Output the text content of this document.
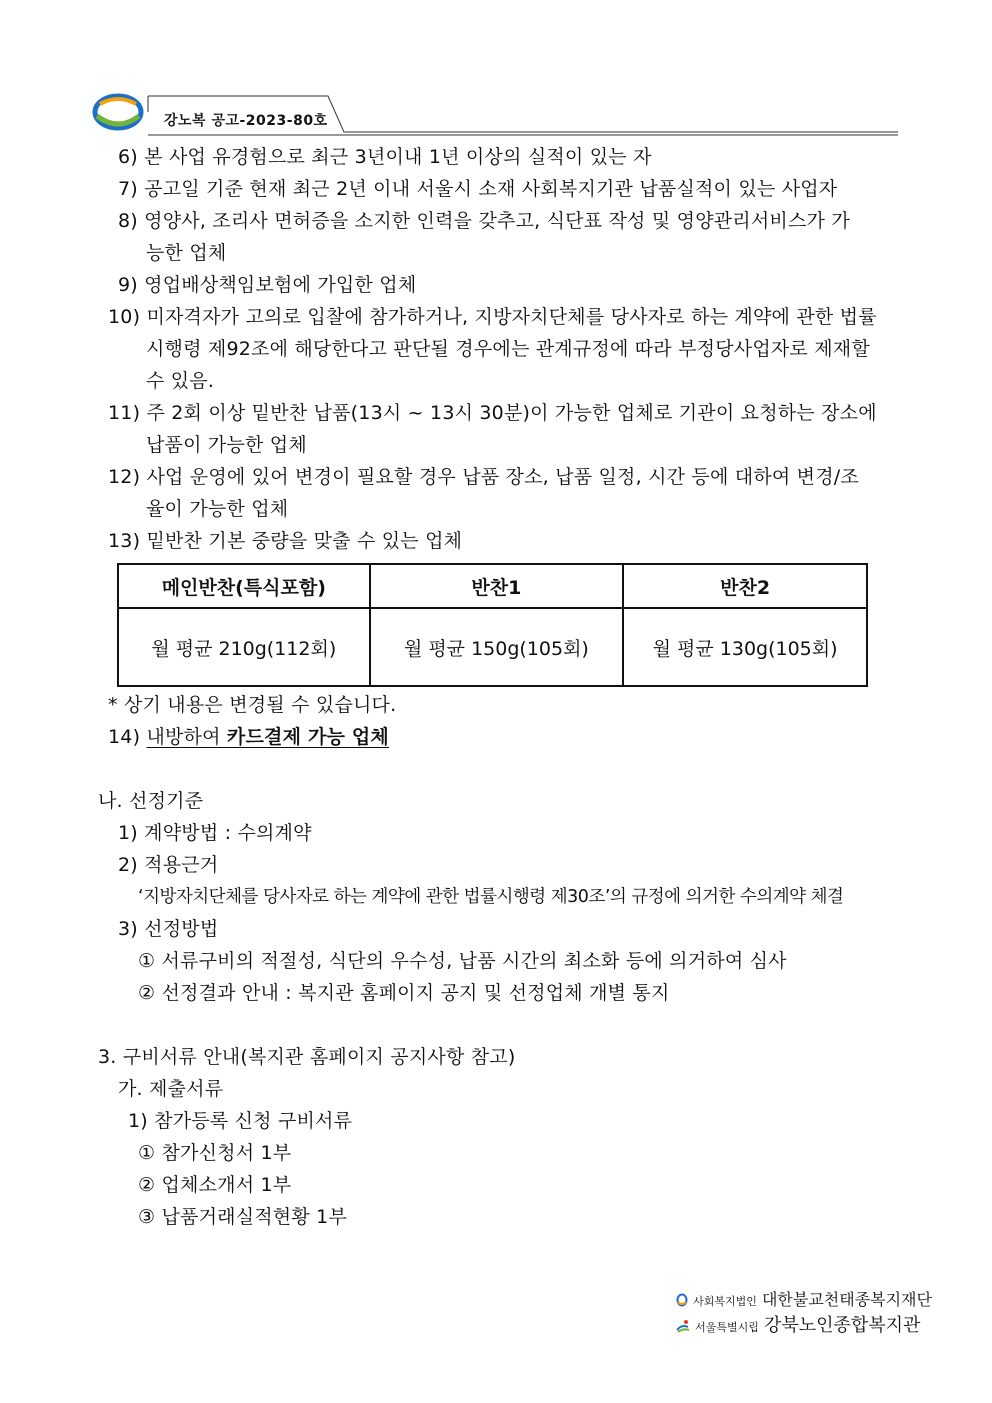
강노복 공고-2023-80호
6) 본 사업 유경험으로 최근 3년이내 1년 이상의 실적이 있는 자
7) 공고일 기준 현재 최근 2년 이내 서울시 소재 사회복지기관 납품실적이 있는 사업자
8) 영양사, 조리사 면허증을 소지한 인력을 갖추고, 식단표 작성 및 영양관리서비스가 가
능한 업체
9) 영업배상책임보험에 가입한 업체
10) 미자격자가 고의로 입찰에 참가하거나, 지방자치단체를 당사자로 하는 계약에 관한 법률
시행령 제92조에 해당한다고 판단될 경우에는 관계규정에 따라 부정당사업자로 제재할
수 있음.
11) 주 2회 이상 밑반찬 납품(13시 ~ 13시 30분)이 가능한 업체로 기관이 요청하는 장소에
납품이 가능한 업체
12) 사업 운영에 있어 변경이 필요할 경우 납품 장소, 납품 일정, 시간 등에 대하여 변경/조
율이 가능한 업체
13) 밑반찬 기본 중량을 맞출 수 있는 업체
메인반찬(특식포함)	반찬1	반찬2
월 평균 210g(112회)	월 평균 150g(105회)	월 평균 130g(105회)
* 상기 내용은 변경될 수 있습니다.
14) 내방하여 카드결제 가능 업체
나. 선정기준
1) 계약방법 : 수의계약
2) 적용근거
‘지방자치단체를 당사자로 하는 계약에 관한 법률시행령 제30조’의 규정에 의거한 수의계약 체결
3) 선정방법
① 서류구비의 적절성, 식단의 우수성, 납품 시간의 최소화 등에 의거하여 심사
② 선정결과 안내 : 복지관 홈페이지 공지 및 선정업체 개별 통지
3. 구비서류 안내(복지관 홈페이지 공지사항 참고)
가. 제출서류
1) 참가등록 신청 구비서류
① 참가신청서 1부
② 업체소개서 1부
③ 납품거래실적현황 1부
사회복지법인 대한불교천태종복지재단
서울특별시립 강북노인종합복지관
